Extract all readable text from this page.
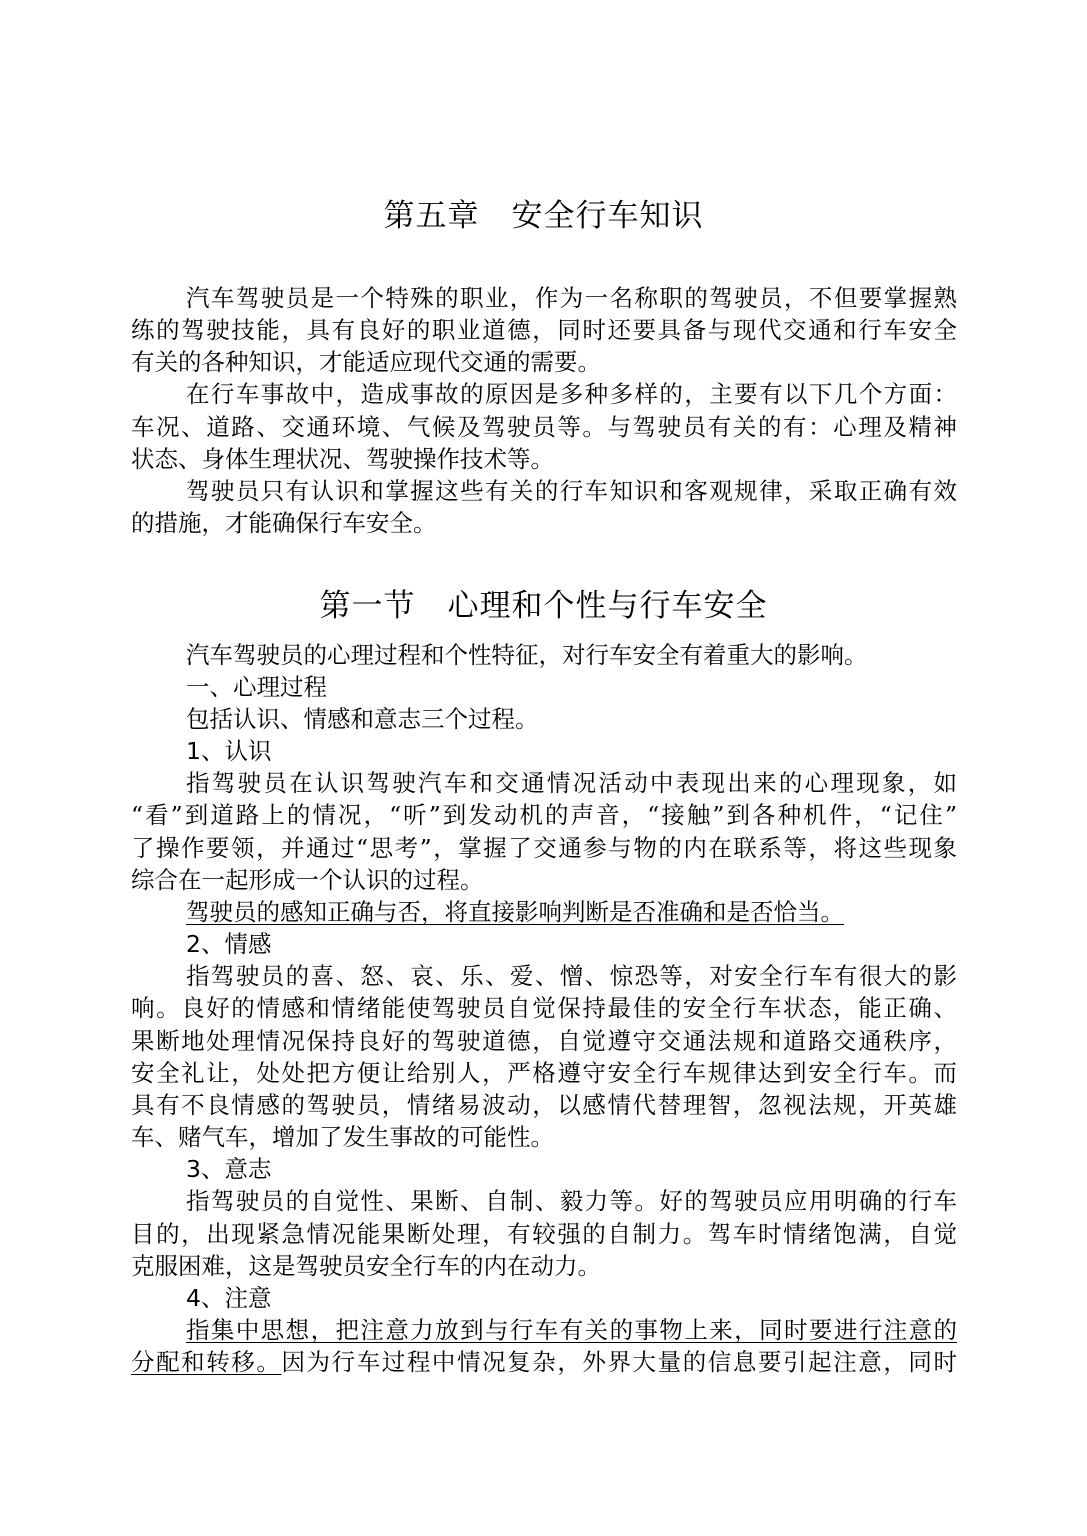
第五章　安全行车知识
第一节　心理和个性与行车安全
汽车驾驶员是一个特殊的职业，作为一名称职的驾驶员，不但要掌握熟
练的驾驶技能，具有良好的职业道德，同时还要具备与现代交通和行车安全
有关的各种知识，才能适应现代交通的需要。
在行车事故中，造成事故的原因是多种多样的，主要有以下几个方面：
车况、道路、交通环境、气候及驾驶员等。与驾驶员有关的有：心理及精神
状态、身体生理状况、驾驶操作技术等。
驾驶员只有认识和掌握这些有关的行车知识和客观规律，采取正确有效
的措施，才能确保行车安全。
汽车驾驶员的心理过程和个性特征，对行车安全有着重大的影响。
一、心理过程
包括认识、情感和意志三个过程。
1、认识
指驾驶员在认识驾驶汽车和交通情况活动中表现出来的心理现象，如
“看”到道路上的情况，“听”到发动机的声音，“接触”到各种机件，“记住”
了操作要领，并通过“思考”，掌握了交通参与物的内在联系等，将这些现象
综合在一起形成一个认识的过程。
驾驶员的感知正确与否，将直接影响判断是否准确和是否恰当。
2、情感
指驾驶员的喜、怒、哀、乐、爱、憎、惊恐等，对安全行车有很大的影
响。良好的情感和情绪能使驾驶员自觉保持最佳的安全行车状态，能正确、
果断地处理情况保持良好的驾驶道德，自觉遵守交通法规和道路交通秩序，
安全礼让，处处把方便让给别人，严格遵守安全行车规律达到安全行车。而
具有不良情感的驾驶员，情绪易波动，以感情代替理智，忽视法规，开英雄
车、赌气车，增加了发生事故的可能性。
3、意志
指驾驶员的自觉性、果断、自制、毅力等。好的驾驶员应用明确的行车
目的，出现紧急情况能果断处理，有较强的自制力。驾车时情绪饱满，自觉
克服困难，这是驾驶员安全行车的内在动力。
4、注意
指集中思想，把注意力放到与行车有关的事物上来，同时要进行注意的
分配和转移。因为行车过程中情况复杂，外界大量的信息要引起注意，同时
